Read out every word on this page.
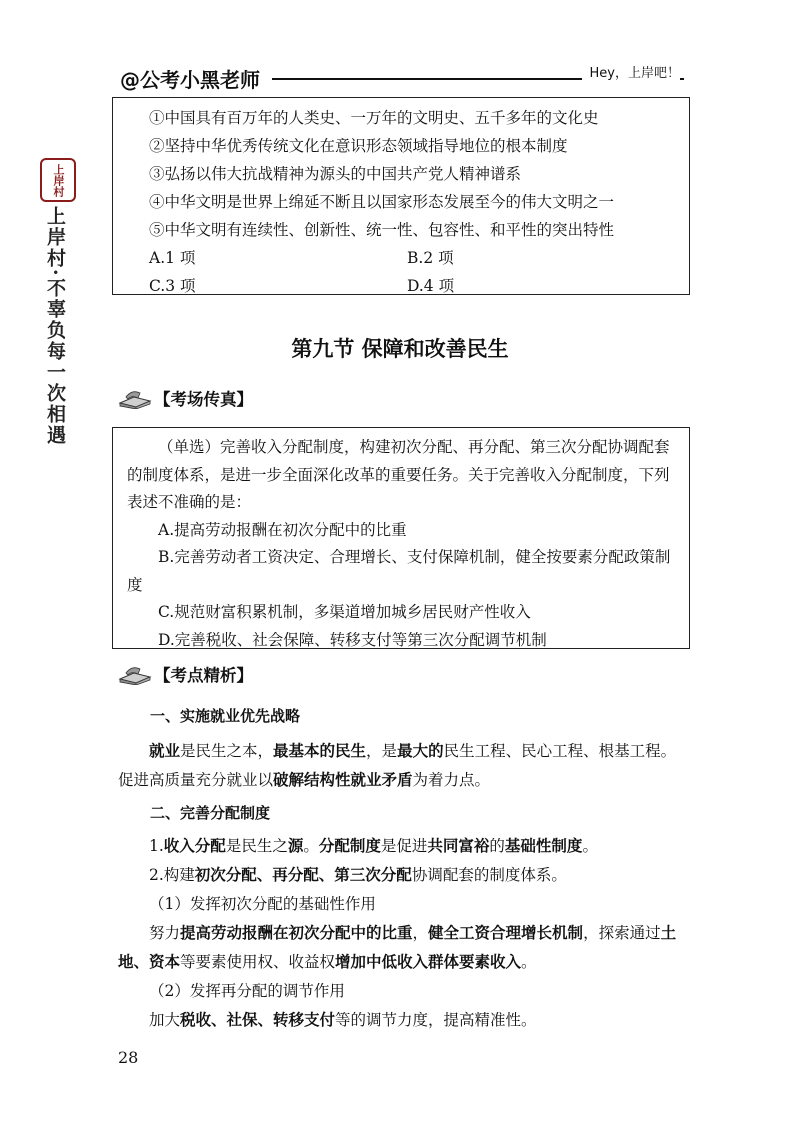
@公考小黑老师	Hey，上岸吧！
上岸村
上岸村·不辜负每一次相遇
①中国具有百万年的人类史、一万年的文明史、五千多年的文化史
②坚持中华优秀传统文化在意识形态领域指导地位的根本制度
③弘扬以伟大抗战精神为源头的中国共产党人精神谱系
④中华文明是世界上绵延不断且以国家形态发展至今的伟大文明之一
⑤中华文明有连续性、创新性、统一性、包容性、和平性的突出特性
A.1 项	B.2 项
C.3 项	D.4 项
第九节 保障和改善民生
【考场传真】
（单选）完善收入分配制度，构建初次分配、再分配、第三次分配协调配套的制度体系，是进一步全面深化改革的重要任务。关于完善收入分配制度，下列表述不准确的是：
A.提高劳动报酬在初次分配中的比重
B.完善劳动者工资决定、合理增长、支付保障机制，健全按要素分配政策制度
C.规范财富积累机制，多渠道增加城乡居民财产性收入
D.完善税收、社会保障、转移支付等第三次分配调节机制
【考点精析】
一、实施就业优先战略
就业是民生之本，最基本的民生，是最大的民生工程、民心工程、根基工程。促进高质量充分就业以破解结构性就业矛盾为着力点。
二、完善分配制度
1.收入分配是民生之源。分配制度是促进共同富裕的基础性制度。
2.构建初次分配、再分配、第三次分配协调配套的制度体系。
（1）发挥初次分配的基础性作用
努力提高劳动报酬在初次分配中的比重，健全工资合理增长机制，探索通过土地、资本等要素使用权、收益权增加中低收入群体要素收入。
（2）发挥再分配的调节作用
加大税收、社保、转移支付等的调节力度，提高精准性。
28
